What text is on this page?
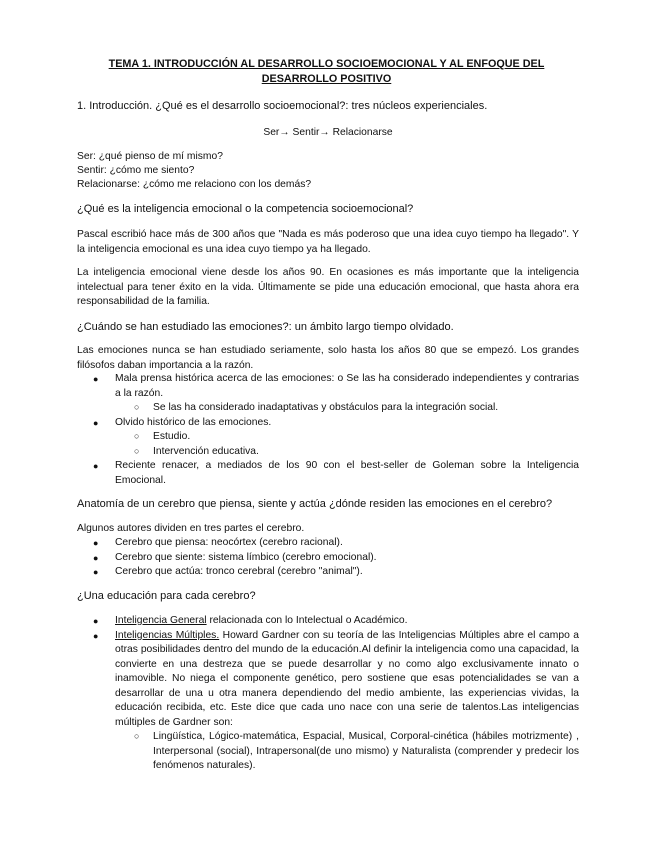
TEMA 1. INTRODUCCIÓN AL DESARROLLO SOCIOEMOCIONAL Y AL ENFOQUE DEL DESARROLLO POSITIVO

1. Introducción. ¿Qué es el desarrollo socioemocional?: tres núcleos experienciales.

Ser→ Sentir→ Relacionarse

Ser: ¿qué pienso de mí mismo?

Sentir: ¿cómo me siento?

Relacionarse: ¿cómo me relaciono con los demás?

¿Qué es la inteligencia emocional o la competencia socioemocional?

Pascal escribió hace más de 300 años que "Nada es más poderoso que una idea cuyo tiempo ha llegado". Y la inteligencia emocional es una idea cuyo tiempo ya ha llegado.

La inteligencia emocional viene desde los años 90. En ocasiones es más importante que la inteligencia intelectual para tener éxito en la vida. Últimamente se pide una educación emocional, que hasta ahora era responsabilidad de la familia.

¿Cuándo se han estudiado las emociones?: un ámbito largo tiempo olvidado.

Las emociones nunca se han estudiado seriamente, solo hasta los años 80 que se empezó. Los grandes filósofos daban importancia a la razón.

● Mala prensa histórica acerca de las emociones: o Se las ha considerado independientes y contrarias a la razón.
○ Se las ha considerado inadaptativas y obstáculos para la integración social.
● Olvido histórico de las emociones.
○ Estudio.
○ Intervención educativa.
● Reciente renacer, a mediados de los 90 con el best-seller de Goleman sobre la Inteligencia Emocional.

Anatomía de un cerebro que piensa, siente y actúa ¿dónde residen las emociones en el cerebro?

Algunos autores dividen en tres partes el cerebro.

● Cerebro que piensa: neocórtex (cerebro racional).
● Cerebro que siente: sistema límbico (cerebro emocional).
● Cerebro que actúa: tronco cerebral (cerebro "animal").

¿Una educación para cada cerebro?

● Inteligencia General relacionada con lo Intelectual o Académico.
● Inteligencias Múltiples. Howard Gardner con su teoría de las Inteligencias Múltiples abre el campo a otras posibilidades dentro del mundo de la educación.Al definir la inteligencia como una capacidad, la convierte en una destreza que se puede desarrollar y no como algo exclusivamente innato o inamovible. No niega el componente genético, pero sostiene que esas potencialidades se van a desarrollar de una u otra manera dependiendo del medio ambiente, las experiencias vividas, la educación recibida, etc. Este dice que cada uno nace con una serie de talentos.Las inteligencias múltiples de Gardner son:
○ Lingüística, Lógico-matemática, Espacial, Musical, Corporal-cinética (hábiles motrizmente) , Interpersonal (social), Intrapersonal(de uno mismo) y Naturalista (comprender y predecir los fenómenos naturales).
